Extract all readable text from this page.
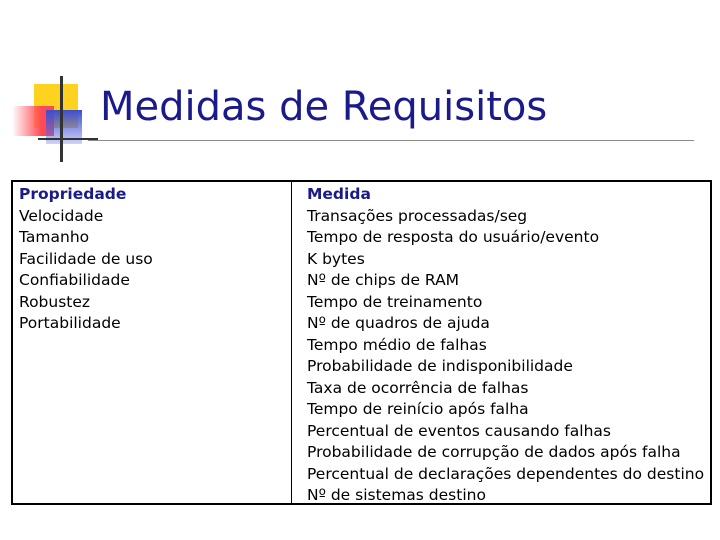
Medidas de Requisitos
Propriedade
Velocidade
Tamanho
Facilidade de uso
Confiabilidade
Robustez
Portabilidade
Medida
Transações processadas/seg
Tempo de resposta do usuário/evento
K bytes
Nº de chips de RAM
Tempo de treinamento
Nº de quadros de ajuda
Tempo médio de falhas
Probabilidade de indisponibilidade
Taxa de ocorrência de falhas
Tempo de reinício após falha
Percentual de eventos causando falhas
Probabilidade de corrupção de dados após falha
Percentual de declarações dependentes do destino
Nº de sistemas destino
